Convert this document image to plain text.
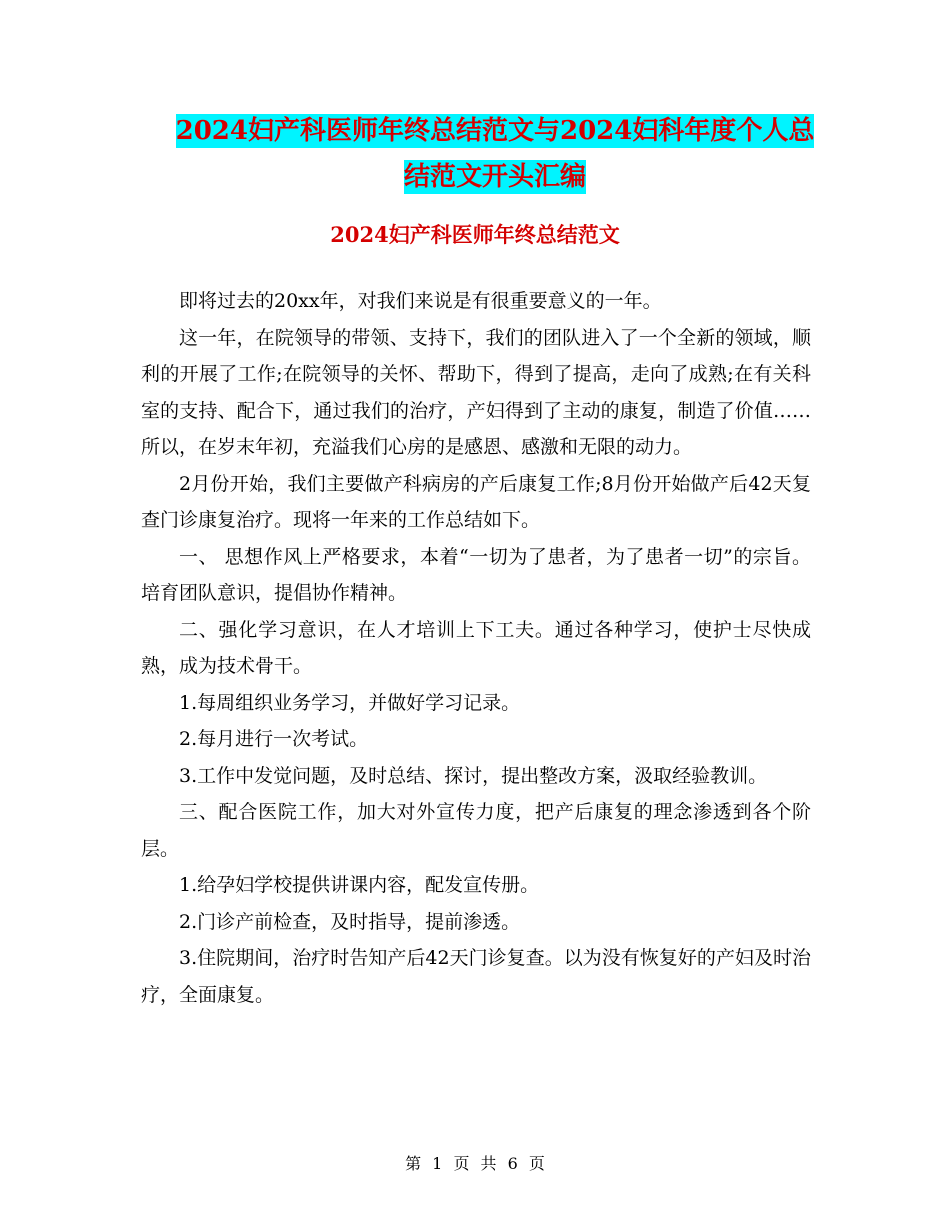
2024妇产科医师年终总结范文与2024妇科年度个人总
结范文开头汇编
2024妇产科医师年终总结范文

即将过去的20xx年，对我们来说是有很重要意义的一年。

这一年，在院领导的带领、支持下，我们的团队进入了一个全新的领域，顺利的开展了工作;在院领导的关怀、帮助下，得到了提高，走向了成熟;在有关科室的支持、配合下，通过我们的治疗，产妇得到了主动的康复，制造了价值……所以，在岁末年初，充溢我们心房的是感恩、感激和无限的动力。

2月份开始，我们主要做产科病房的产后康复工作;8月份开始做产后42天复查门诊康复治疗。现将一年来的工作总结如下。

一、 思想作风上严格要求，本着“一切为了患者，为了患者一切”的宗旨。培育团队意识，提倡协作精神。

二、强化学习意识，在人才培训上下工夫。通过各种学习，使护士尽快成熟，成为技术骨干。

1.每周组织业务学习，并做好学习记录。

2.每月进行一次考试。

3.工作中发觉问题，及时总结、探讨，提出整改方案，汲取经验教训。

三、配合医院工作，加大对外宣传力度，把产后康复的理念渗透到各个阶层。

1.给孕妇学校提供讲课内容，配发宣传册。

2.门诊产前检查，及时指导，提前渗透。

3.住院期间，治疗时告知产后42天门诊复查。以为没有恢复好的产妇及时治疗，全面康复。

第 1 页 共 6 页
